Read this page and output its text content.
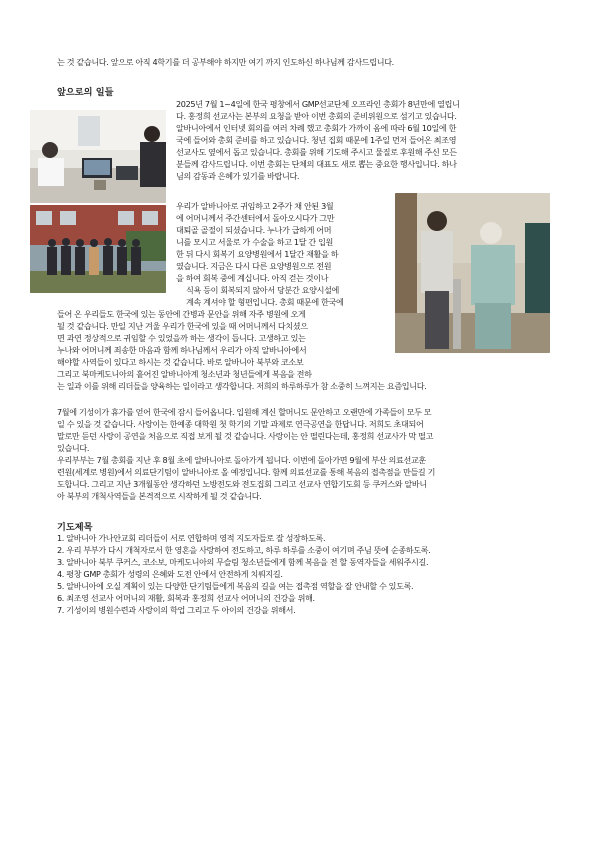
는 것 같습니다. 앞으로 아직 4학기를 더 공부해야 하지만 여기 까지 인도하신 하나님께 감사드립니다.
앞으로의 일들
2025년 7월 1~4일에 한국 평창에서 GMP선교단체 오프라인 총회가 8년만에 열립니
다. 홍정희 선교사는 본부의 요청을 받아 이번 총회의 준비위원으로 섬기고 있습니다.
알바니아에서 인터넷 회의를 여러 차례 했고 총회가 가까이 옴에 따라 6월 10일에 한
국에 들어와 총회 준비를 하고 있습니다. 청년 집회 때문에 1주일 먼저 들어온 최조영
선교사도 옆에서 돕고 있습니다. 총회를 위해 기도해 주시고 물질로 후원해 주신 모든
분들께 감사드립니다. 이번 총회는 단체의 대표도 새로 뽑는 중요한 행사입니다. 하나
님의 감동과 은혜가 있기를 바랍니다.
우리가 알바니아로 귀임하고 2주가 채 안된 3월
에 어머니께서 주간센터에서 돌아오시다가 그만
대퇴골 골절이 되셨습니다. 누나가 급하게 어머
니를 모시고 서울로 가 수술을 하고 1달 간 입원
한 뒤 다시 회복기 요양병원에서 1달간 재활을 하
였습니다. 지금은 다시 다른 요양병원으로 전원
을 하여 회복 중에 계십니다. 아직 걷는 것이나
식욕 등이 회복되지 않아서 당분간 요양시설에
계속 계셔야 할 형편입니다. 총회 때문에 한국에
들어 온 우리들도 한국에 있는 동안에 간병과 문안을 위해 자주 병원에 오게
될 것 같습니다. 만일 지난 겨울 우리가 한국에 있을 때 어머니께서 다치셨으
면 과연 정상적으로 귀임할 수 있었을까 하는 생각이 듭니다. 고생하고 있는
누나와 어머니께 죄송한 마음과 함께 하나님께서 우리가 아직 알바니아에서
해야할 사역들이 있다고 하시는 것 같습니다. 바로 알바니아 북부와 코소보
그리고 북마케도니아의 흩어진 알바니아계 청소년과 청년들에게 복음을 전하
는 일과 이를 위해 리더들을 양육하는 일이라고 생각합니다. 저희의 하루하루가 참 소중히 느껴지는 요즘입니다.
7월에 기성이가 휴가를 얻어 한국에 잠시 들어옵니다. 입원해 계신 할머니도 문안하고 오랜만에 가족들이 모두 모
일 수 있을 것 같습니다. 사랑이는 한예종 대학원 첫 학기의 기말 과제로 연극공연을 한답니다. 저희도 초대되어
말로만 듣던 사랑이 공연을 처음으로 직접 보게 될 것 같습니다. 사랑이는 안 떨린다는데, 홍정희 선교사가 막 떨고
있습니다.
우리부부는 7월 총회를 지난 후 8월 초에 알바니아로 돌아가게 됩니다. 이번에 돌아가면 9월에 부산 의료선교훈
련원(세계로 병원)에서 의료단기팀이 알바니아로 올 예정입니다. 함께 의료선교를 통해 복음의 접촉점을 만들길 기
도합니다. 그리고 지난 3개월동안 생각하던 노방전도와 전도집회 그리고 선교사 연합기도회 등 쿠커스와 알바니
아 북부의 개척사역들을 본격적으로 시작하게 될 것 같습니다.
기도제목
1. 알바니아 가나안교회 리더들이 서로 연합하며 영적 지도자들로 잘 성장하도록.
2. 우리 부부가 다시 개척자로서 한 영혼을 사랑하여 전도하고, 하루 하루를 소중이 여기며 주님 뜻에 순종하도록.
3. 알바니아 북부 쿠커스, 코소보, 마케도니아의 무슬림 청소년들에게 함께 복음을 전 할 동역자들을 세워주시길.
4. 평창 GMP 총회가 성령의 은혜와 도전 안에서 안전하게 치뤄지길.
5. 알바니아에 오실 계획이 있는 다양한 단기팀들에게 복음의 길을 여는 접촉점 역할을 잘 안내할 수 있도록.
6. 최조영 선교사 어머니의 재활, 회복과 홍정희 선교사 어머니의 건강을 위해.
7. 기성이의 병원수련과 사랑이의 학업 그리고 두 아이의 건강을 위해서.
